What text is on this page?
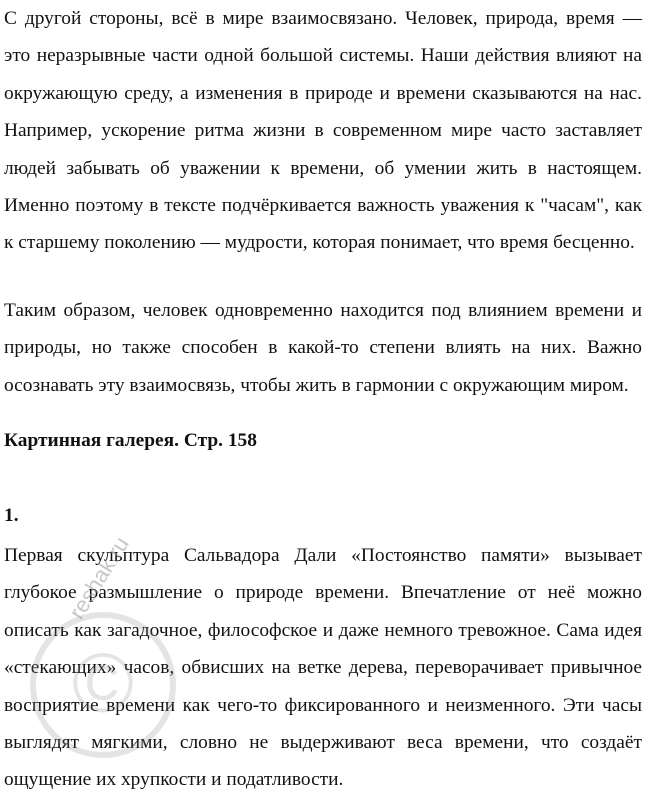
С другой стороны, всё в мире взаимосвязано. Человек, природа, время — это неразрывные части одной большой системы. Наши действия влияют на окружающую среду, а изменения в природе и времени сказываются на нас. Например, ускорение ритма жизни в современном мире часто заставляет людей забывать об уважении к времени, об умении жить в настоящем. Именно поэтому в тексте подчёркивается важность уважения к "часам", как к старшему поколению — мудрости, которая понимает, что время бесценно.

Таким образом, человек одновременно находится под влиянием времени и природы, но также способен в какой-то степени влиять на них. Важно осознавать эту взаимосвязь, чтобы жить в гармонии с окружающим миром.

Картинная галерея. Стр. 158

1.

Первая скульптура Сальвадора Дали «Постоянство памяти» вызывает глубокое размышление о природе времени. Впечатление от неё можно описать как загадочное, философское и даже немного тревожное. Сама идея «стекающих» часов, обвисших на ветке дерева, переворачивает привычное восприятие времени как чего-то фиксированного и неизменного. Эти часы выглядят мягкими, словно не выдерживают веса времени, что создаёт ощущение их хрупкости и податливости.

©
reshak.ru
